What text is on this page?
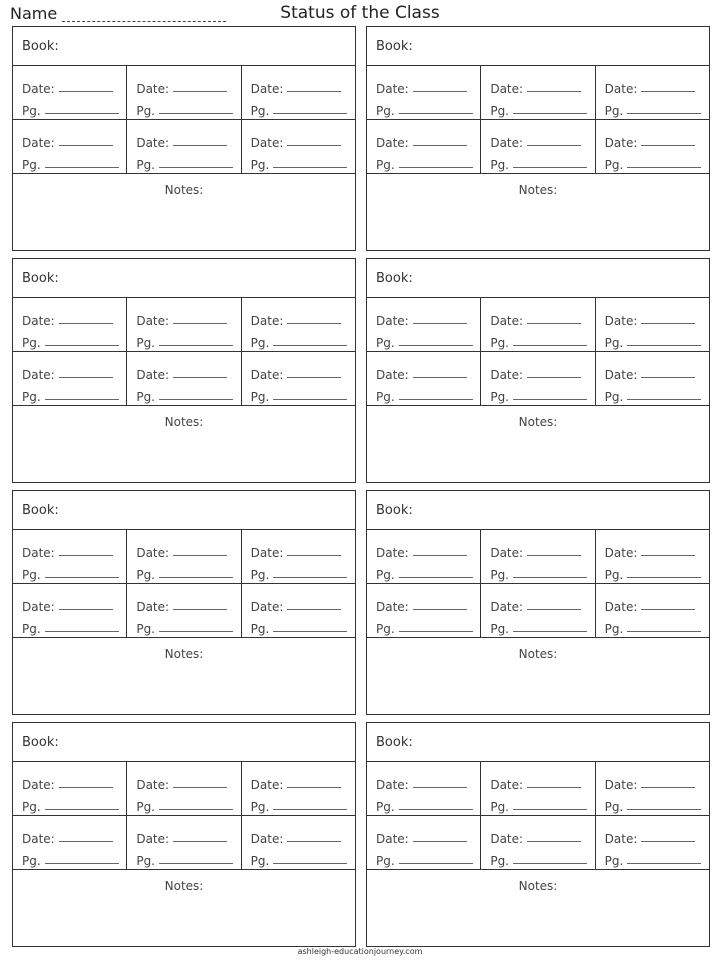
Name	Status of the Class
Book:
Date:
Pg.
Date:
Pg.
Date:
Pg.
Date:
Pg.
Date:
Pg.
Date:
Pg.
Notes:
Book:
Date:
Pg.
Date:
Pg.
Date:
Pg.
Date:
Pg.
Date:
Pg.
Date:
Pg.
Notes:
Book:
Date:
Pg.
Date:
Pg.
Date:
Pg.
Date:
Pg.
Date:
Pg.
Date:
Pg.
Notes:
Book:
Date:
Pg.
Date:
Pg.
Date:
Pg.
Date:
Pg.
Date:
Pg.
Date:
Pg.
Notes:
Book:
Date:
Pg.
Date:
Pg.
Date:
Pg.
Date:
Pg.
Date:
Pg.
Date:
Pg.
Notes:
Book:
Date:
Pg.
Date:
Pg.
Date:
Pg.
Date:
Pg.
Date:
Pg.
Date:
Pg.
Notes:
Book:
Date:
Pg.
Date:
Pg.
Date:
Pg.
Date:
Pg.
Date:
Pg.
Date:
Pg.
Notes:
Book:
Date:
Pg.
Date:
Pg.
Date:
Pg.
Date:
Pg.
Date:
Pg.
Date:
Pg.
Notes:
ashleigh-educationjourney.com
